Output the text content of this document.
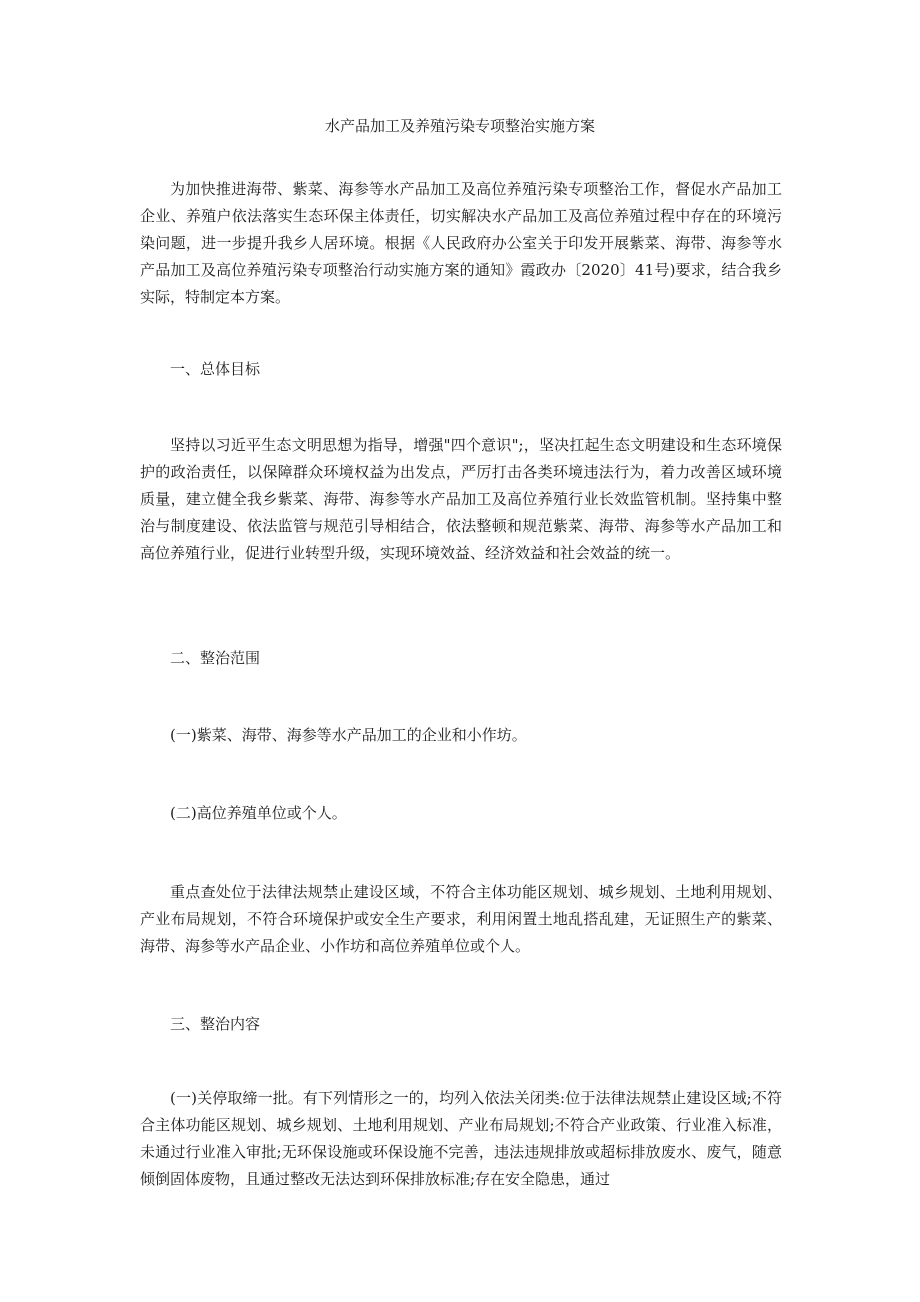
水产品加工及养殖污染专项整治实施方案

为加快推进海带、紫菜、海参等水产品加工及高位养殖污染专项整治工作，督促水产品加工企业、养殖户依法落实生态环保主体责任，切实解决水产品加工及高位养殖过程中存在的环境污染问题，进一步提升我乡人居环境。根据《人民政府办公室关于印发开展紫菜、海带、海参等水产品加工及高位养殖污染专项整治行动实施方案的通知》霞政办〔2020〕41号)要求，结合我乡实际，特制定本方案。

一、总体目标

坚持以习近平生态文明思想为指导，增强"四个意识";，坚决扛起生态文明建设和生态环境保护的政治责任，以保障群众环境权益为出发点，严厉打击各类环境违法行为，着力改善区域环境质量，建立健全我乡紫菜、海带、海参等水产品加工及高位养殖行业长效监管机制。坚持集中整治与制度建设、依法监管与规范引导相结合，依法整顿和规范紫菜、海带、海参等水产品加工和高位养殖行业，促进行业转型升级，实现环境效益、经济效益和社会效益的统一。

二、整治范围

(一)紫菜、海带、海参等水产品加工的企业和小作坊。

(二)高位养殖单位或个人。

重点查处位于法律法规禁止建设区域，不符合主体功能区规划、城乡规划、土地利用规划、产业布局规划，不符合环境保护或安全生产要求，利用闲置土地乱搭乱建，无证照生产的紫菜、海带、海参等水产品企业、小作坊和高位养殖单位或个人。

三、整治内容

(一)关停取缔一批。有下列情形之一的，均列入依法关闭类:位于法律法规禁止建设区域;不符合主体功能区规划、城乡规划、土地利用规划、产业布局规划;不符合产业政策、行业准入标准，未通过行业准入审批;无环保设施或环保设施不完善，违法违规排放或超标排放废水、废气，随意倾倒固体废物，且通过整改无法达到环保排放标准;存在安全隐患，通过
